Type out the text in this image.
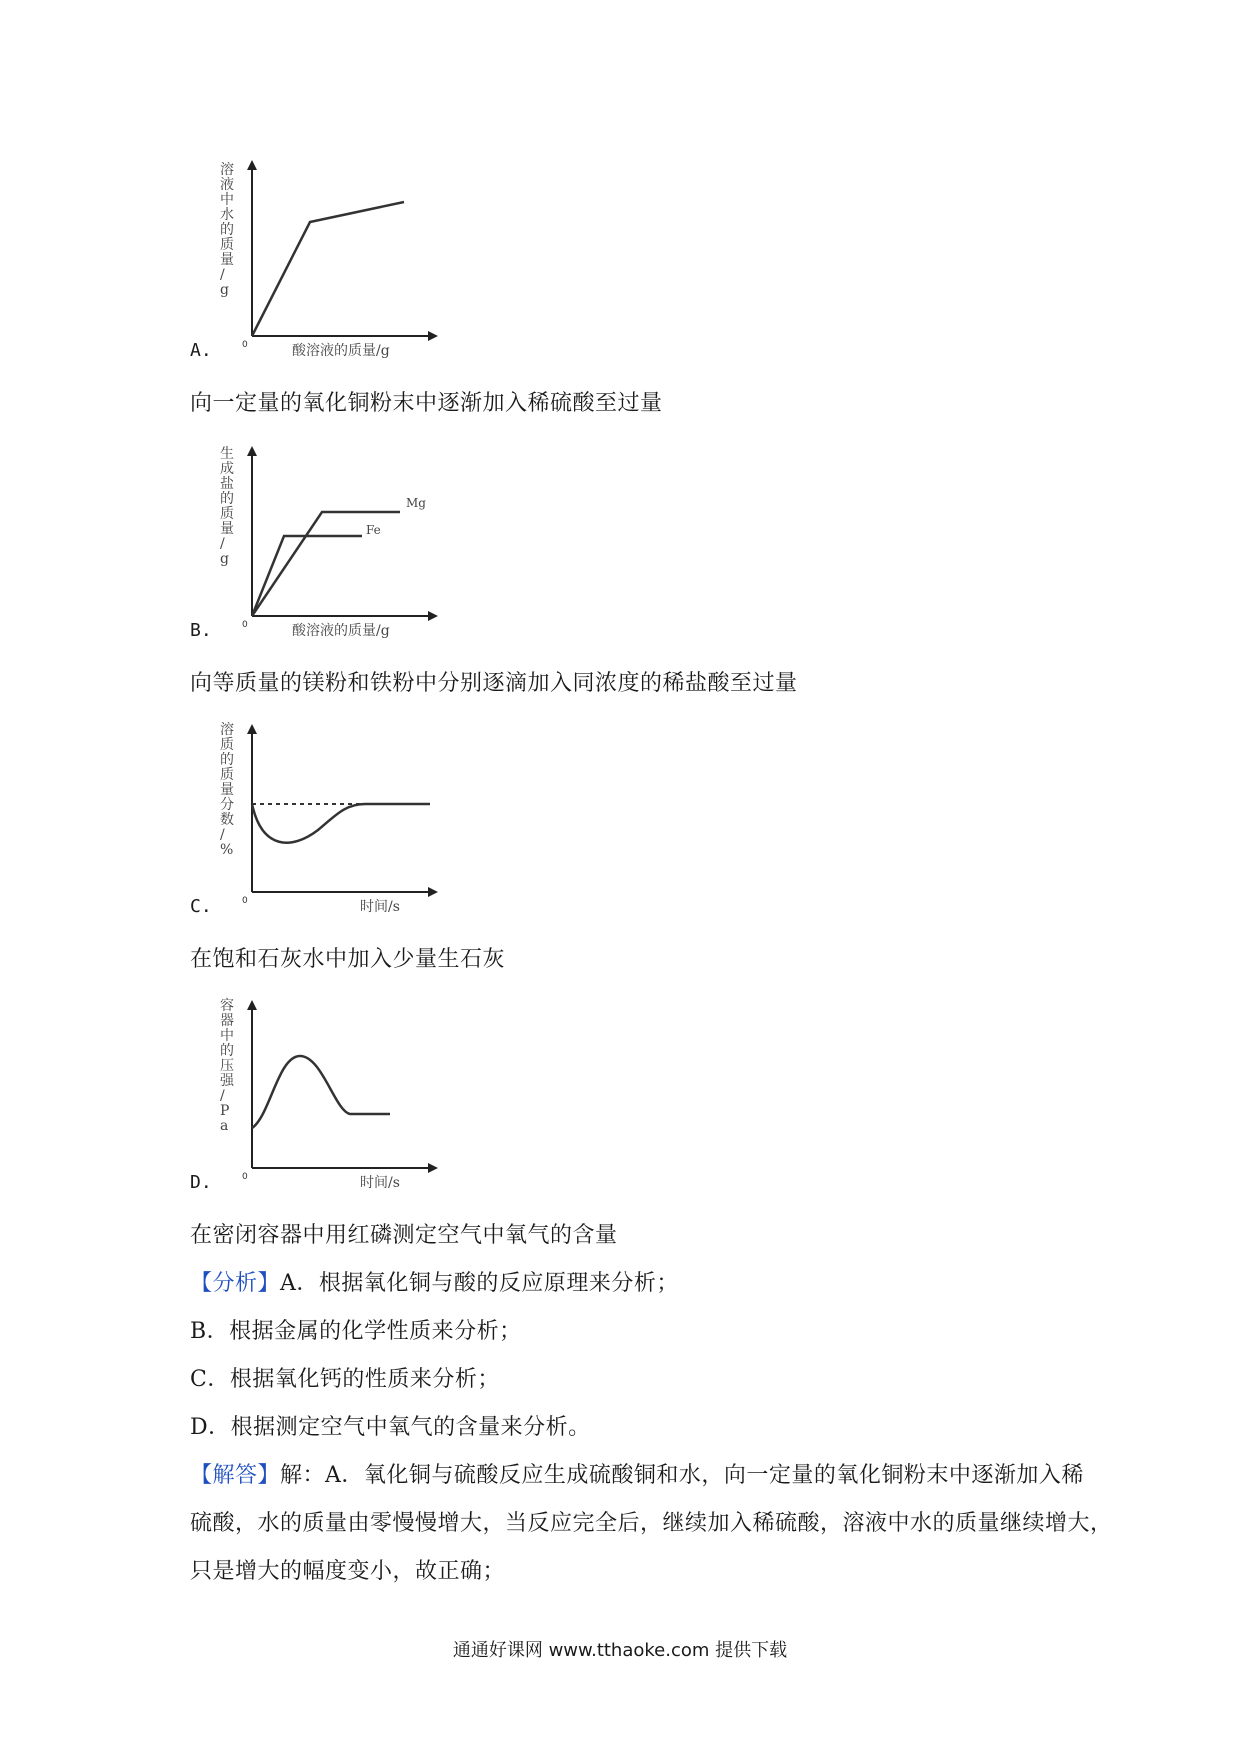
溶液中水的质量/ g
酸溶液的质量/g
0
A.
向一定量的氧化铜粉末中逐渐加入稀硫酸至过量
Mg
Fe
生成盐的质量/ g
酸溶液的质量/g
0
B.
向等质量的镁粉和铁粉中分别逐滴加入同浓度的稀盐酸至过量
溶质的质量分数/ %
时间/s
0
C.
在饱和石灰水中加入少量生石灰
容器中的压强/ P a
时间/s
0
D.
在密闭容器中用红磷测定空气中氧气的含量
【分析】A．根据氧化铜与酸的反应原理来分析；
B．根据金属的化学性质来分析；
C．根据氧化钙的性质来分析；
D．根据测定空气中氧气的含量来分析。
【解答】解：A．氧化铜与硫酸反应生成硫酸铜和水，向一定量的氧化铜粉末中逐渐加入稀
硫酸，水的质量由零慢慢增大，当反应完全后，继续加入稀硫酸，溶液中水的质量继续增大，
只是增大的幅度变小，故正确；
通通好课网 www.tthaoke.com 提供下载
